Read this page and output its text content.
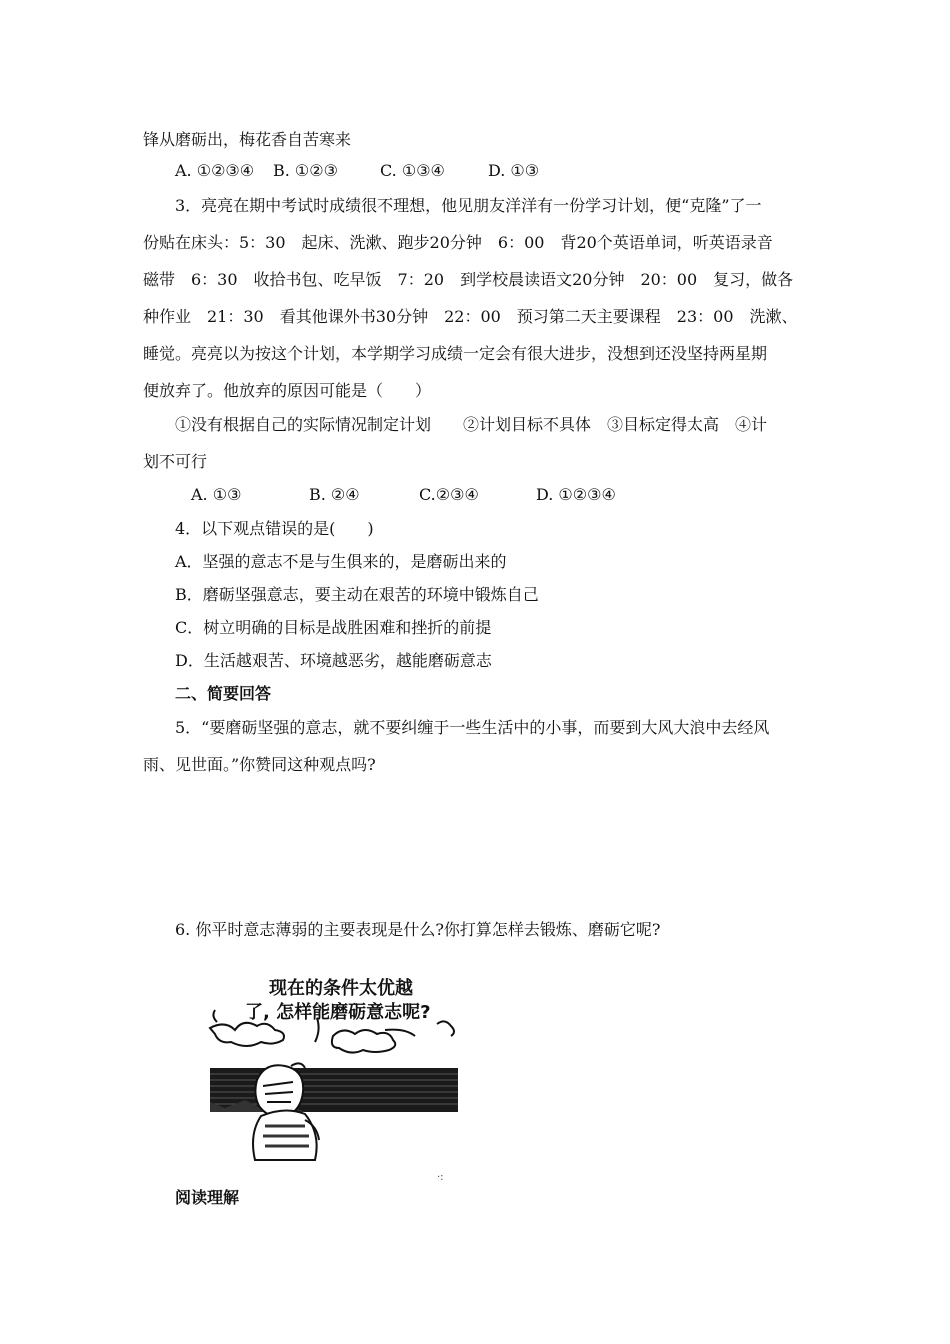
锋从磨砺出，梅花香自苦寒来
A. ①②③④ B. ①②③	C. ①③④	D. ①③
3．亮亮在期中考试时成绩很不理想，他见朋友洋洋有一份学习计划，便“克隆”了一
份贴在床头：5：30　起床、洗漱、跑步20分钟　6：00　背20个英语单词，听英语录音
磁带　6：30　收拾书包、吃早饭　7：20　到学校晨读语文20分钟　20：00　复习，做各
种作业　21：30　看其他课外书30分钟　22：00　预习第二天主要课程　23：00　洗漱、
睡觉。亮亮以为按这个计划，本学期学习成绩一定会有很大进步，没想到还没坚持两星期
便放弃了。他放弃的原因可能是（　　）
①没有根据自己的实际情况制定计划　　②计划目标不具体　③目标定得太高　④计
划不可行
A. ①③	B. ②④	C.②③④	D. ①②③④
4．以下观点错误的是(　　)
A．坚强的意志不是与生俱来的，是磨砺出来的
B．磨砺坚强意志，要主动在艰苦的环境中锻炼自己
C．树立明确的目标是战胜困难和挫折的前提
D．生活越艰苦、环境越恶劣，越能磨砺意志
二、简要回答
5．“要磨砺坚强的意志，就不要纠缠于一些生活中的小事，而要到大风大浪中去经风
雨、见世面。”你赞同这种观点吗?
6. 你平时意志薄弱的主要表现是什么?你打算怎样去锻炼、磨砺它呢?
现在的条件太优越
了, 怎样能磨砺意志呢?
·:
阅读理解
